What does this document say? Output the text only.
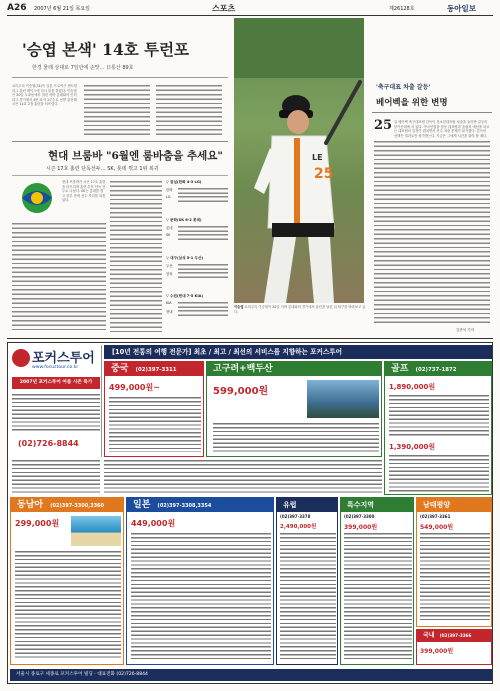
A26 2007년 6월 21일 목요일	스포츠	제26128호	동아일보
'승엽 본색' 14호 투런포
한경 물래 상대로 7일만에 손맛… 日통산 89호
요미우리 이승엽(31)이 일본 프로야구 센트럴리그 홈런 레이스에 다시 불을 붙였다. 이승엽은 20일 도쿄돔에서 열린 지바 롯데와의 인터리그 경기에서 4번 타자 1루수로 선발 출전해 시즌 14호 2점 홈런을 터뜨렸다.
25
LE
이승엽 요미우리 이승엽이 20일 지바 롯데와의 경기에서 홈런을 날린 뒤 타구를 바라보고 있다.
'축구대표 차출 갈등'
베어벡을 위한 변명
25 일 베어벡 축구대표팀 감독이 청소년대표팀 차출을 둘러싼 갈등의 한가운데에 서 있다. 아시안컵을 앞둔 대표팀과 올림픽 예선을 치르는 대표팀의 일정이 겹치면서 선수 차출 문제가 불거졌다. 감독의 선택은 결과로만 평가받는다. 지금은 그에게 시간을 줘야 할 때다.
김종석 기자
현대 브룸바 "6월엔 룸바춤을 추세요"
시즌 17호 홈런 단독선두… SK, 롯데 꺾고 1위 복귀
현대 브룸바가 시즌 17호 홈런을 터뜨리며 홈런 부문 단독 선두로 나섰다. SK는 롯데를 꺾고 하루 만에 선두 자리를 되찾았다.
▽ 잠실(한화 4-3 LG)
한화
LG
▽ 문학(SK 6-2 롯데)
롯데
SK
▽ 대구(삼성 5-1 두산)
두산
삼성
▽ 수원(현대 7-5 KIA)
KIA
현대
[10년 전통의 여행 전문가] 최초 / 최고 / 최선의 서비스를 지향하는 포커스투어
포커스투어
www.focustour.co.kr
2007년 포커스투어 여름 시즌 특가
(02)726-8844
중국 (02)397-3311
499,000원~
고구려+백두산
599,000원
골프 (02)737-1872
1,890,000원
1,390,000원
동남아 (02)397-3300,3360
299,000원
일본 (02)397-3308,3354
449,000원
유럽
(02)397-3378
2,490,000원
특수지역
(02)397-3300
399,000원
남태평양
(02)397-3361
549,000원
국내 (02)397-3366
399,000원
서울시 종로구 세종로 포커스투어 빌딩 · 대표전화 (02)726-8844
